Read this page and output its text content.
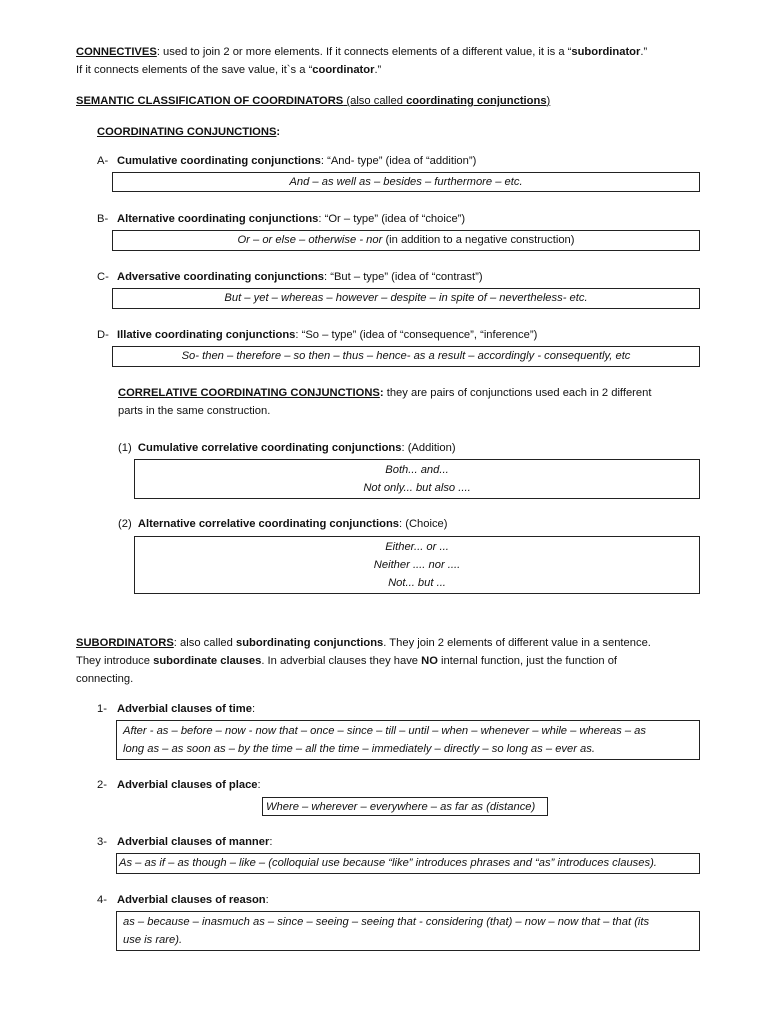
CONNECTIVES: used to join 2 or more elements. If it connects elements of a different value, it is a “subordinator.”
If it connects elements of the save value, it`s a “coordinator.”
SEMANTIC CLASSIFICATION OF COORDINATORS (also called coordinating conjunctions)
COORDINATING CONJUNCTIONS:
A- Cumulative coordinating conjunctions: “And- type” (idea of “addition”)
And – as well as – besides – furthermore – etc.
B- Alternative coordinating conjunctions: “Or – type” (idea of “choice”)
Or – or else – otherwise - nor (in addition to a negative construction)
C- Adversative coordinating conjunctions: “But – type” (idea of “contrast”)
But – yet – whereas – however – despite – in spite of – nevertheless- etc.
D- Illative coordinating conjunctions: “So – type” (idea of “consequence”, “inference”)
So- then – therefore – so then – thus – hence- as a result – accordingly - consequently, etc
CORRELATIVE COORDINATING CONJUNCTIONS: they are pairs of conjunctions used each in 2 different
parts in the same construction.
(1) Cumulative correlative coordinating conjunctions: (Addition)
Both... and...
Not only... but also ....
(2) Alternative correlative coordinating conjunctions: (Choice)
Either... or ...
Neither .... nor ....
Not... but ...
SUBORDINATORS: also called subordinating conjunctions. They join 2 elements of different value in a sentence.
They introduce subordinate clauses. In adverbial clauses they have NO internal function, just the function of
connecting.
1- Adverbial clauses of time:
After - as – before – now - now that – once – since – till – until – when – whenever – while – whereas – as
long as – as soon as – by the time – all the time – immediately – directly – so long as – ever as.
2- Adverbial clauses of place:
Where – wherever – everywhere – as far as (distance)
3- Adverbial clauses of manner:
As – as if – as though – like – (colloquial use because “like” introduces phrases and “as” introduces clauses).
4- Adverbial clauses of reason:
as – because – inasmuch as – since – seeing – seeing that - considering (that) – now – now that – that (its
use is rare).
